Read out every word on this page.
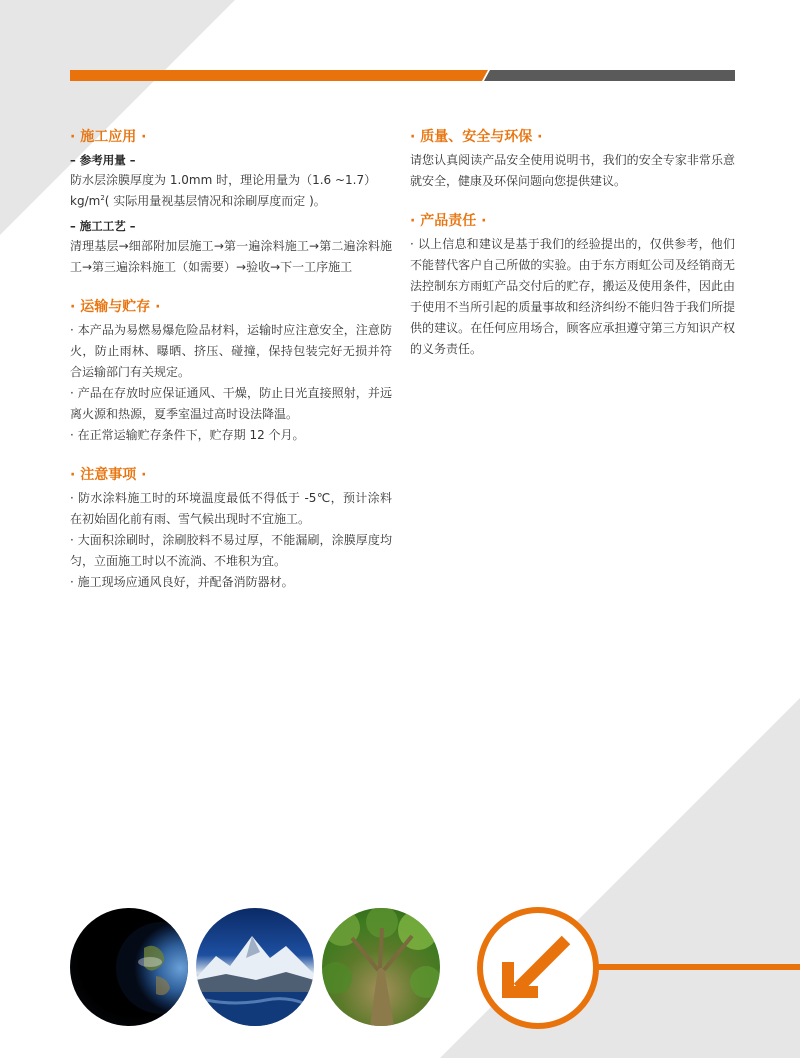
· 施工应用 ·
– 参考用量 –

防水层涂膜厚度为 1.0mm 时，理论用量为（1.6 ~1.7）
$kg/m^2$( 实际用量视基层情况和涂刷厚度而定 )。

– 施工工艺 –

清理基层→细部附加层施工→第一遍涂料施工→第二遍涂料施工→第三遍涂料施工（如需要）→验收→下一工序施工

· 运输与贮存 ·

· 本产品为易燃易爆危险品材料，运输时应注意安全，注意防火，防止雨林、曝晒、挤压、碰撞，保持包装完好无损并符合运输部门有关规定。

· 产品在存放时应保证通风、干燥，防止日光直接照射，并远离火源和热源，夏季室温过高时设法降温。

· 在正常运输贮存条件下，贮存期 12 个月。

· 注意事项 ·

· 防水涂料施工时的环境温度最低不得低于 -5℃，预计涂料在初始固化前有雨、雪气候出现时不宜施工。

· 大面积涂刷时，涂刷胶料不易过厚，不能漏刷，涂膜厚度均匀，立面施工时以不流淌、不堆积为宜。

· 施工现场应通风良好，并配备消防器材。

· 质量、安全与环保 ·

请您认真阅读产品安全使用说明书，我们的安全专家非常乐意就安全，健康及环保问题向您提供建议。

· 产品责任 ·

· 以上信息和建议是基于我们的经验提出的，仅供参考，他们不能替代客户自己所做的实验。由于东方雨虹公司及经销商无法控制东方雨虹产品交付后的贮存，搬运及使用条件，因此由于使用不当所引起的质量事故和经济纠纷不能归咎于我们所提供的建议。在任何应用场合，顾客应承担遵守第三方知识产权的义务责任。
